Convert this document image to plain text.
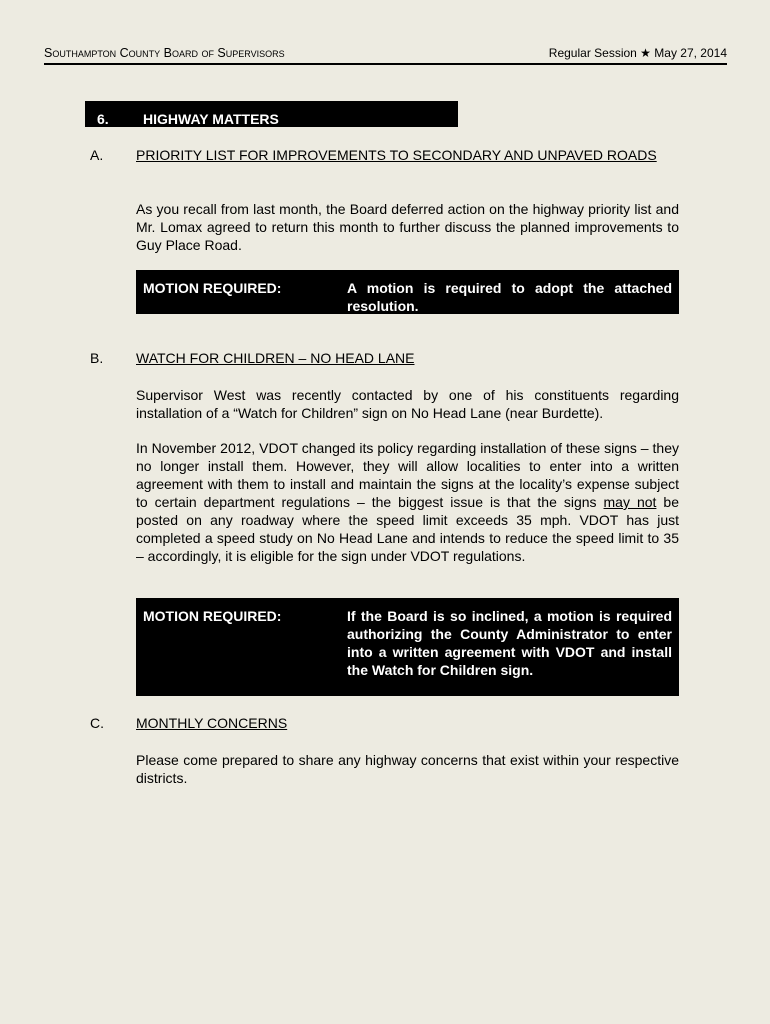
Southampton County Board of Supervisors	Regular Session ★ May 27, 2014
6. HIGHWAY MATTERS
A. PRIORITY LIST FOR IMPROVEMENTS TO SECONDARY AND UNPAVED ROADS

As you recall from last month, the Board deferred action on the highway priority list and Mr. Lomax agreed to return this month to further discuss the planned improvements to Guy Place Road.

MOTION REQUIRED:	A motion is required to adopt the attached resolution.
B. WATCH FOR CHILDREN – NO HEAD LANE

Supervisor West was recently contacted by one of his constituents regarding installation of a “Watch for Children” sign on No Head Lane (near Burdette).

In November 2012, VDOT changed its policy regarding installation of these signs – they no longer install them. However, they will allow localities to enter into a written agreement with them to install and maintain the signs at the locality’s expense subject to certain department regulations – the biggest issue is that the signs may not be posted on any roadway where the speed limit exceeds 35 mph. VDOT has just completed a speed study on No Head Lane and intends to reduce the speed limit to 35 – accordingly, it is eligible for the sign under VDOT regulations.

MOTION REQUIRED:	If the Board is so inclined, a motion is required authorizing the County Administrator to enter into a written agreement with VDOT and install the Watch for Children sign.
C. MONTHLY CONCERNS

Please come prepared to share any highway concerns that exist within your respective districts.
